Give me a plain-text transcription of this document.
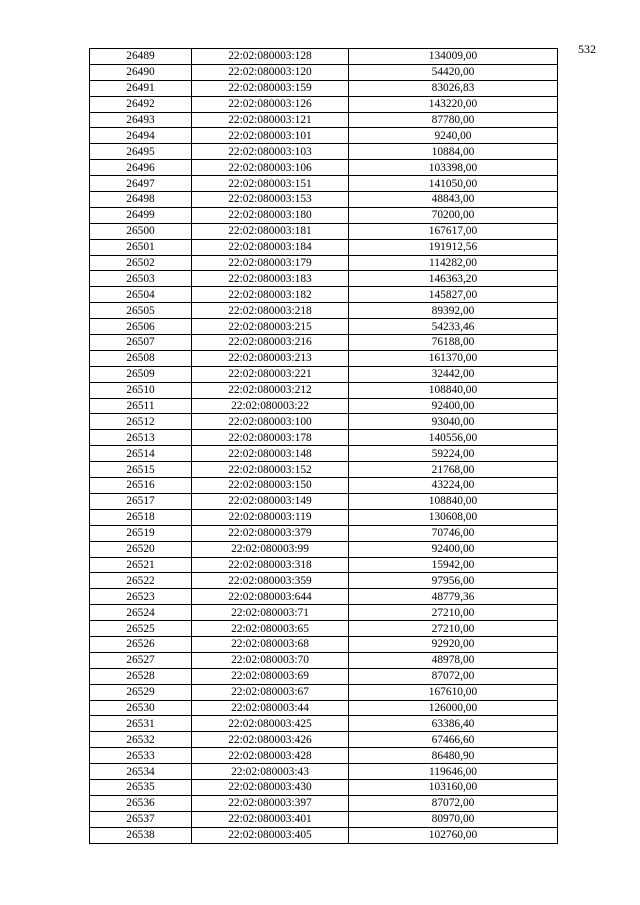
532
26489	22:02:080003:128	134009,00
26490	22:02:080003:120	54420,00
26491	22:02:080003:159	83026,83
26492	22:02:080003:126	143220,00
26493	22:02:080003:121	87780,00
26494	22:02:080003:101	9240,00
26495	22:02:080003:103	10884,00
26496	22:02:080003:106	103398,00
26497	22:02:080003:151	141050,00
26498	22:02:080003:153	48843,00
26499	22:02:080003:180	70200,00
26500	22:02:080003:181	167617,00
26501	22:02:080003:184	191912,56
26502	22:02:080003:179	114282,00
26503	22:02:080003:183	146363,20
26504	22:02:080003:182	145827,00
26505	22:02:080003:218	89392,00
26506	22:02:080003:215	54233,46
26507	22:02:080003:216	76188,00
26508	22:02:080003:213	161370,00
26509	22:02:080003:221	32442,00
26510	22:02:080003:212	108840,00
26511	22:02:080003:22	92400,00
26512	22:02:080003:100	93040,00
26513	22:02:080003:178	140556,00
26514	22:02:080003:148	59224,00
26515	22:02:080003:152	21768,00
26516	22:02:080003:150	43224,00
26517	22:02:080003:149	108840,00
26518	22:02:080003:119	130608,00
26519	22:02:080003:379	70746,00
26520	22:02:080003:99	92400,00
26521	22:02:080003:318	15942,00
26522	22:02:080003:359	97956,00
26523	22:02:080003:644	48779,36
26524	22:02:080003:71	27210,00
26525	22:02:080003:65	27210,00
26526	22:02:080003:68	92920,00
26527	22:02:080003:70	48978,00
26528	22:02:080003:69	87072,00
26529	22:02:080003:67	167610,00
26530	22:02:080003:44	126000,00
26531	22:02:080003:425	63386,40
26532	22:02:080003:426	67466,60
26533	22:02:080003:428	86480,90
26534	22:02:080003:43	119646,00
26535	22:02:080003:430	103160,00
26536	22:02:080003:397	87072,00
26537	22:02:080003:401	80970,00
26538	22:02:080003:405	102760,00
